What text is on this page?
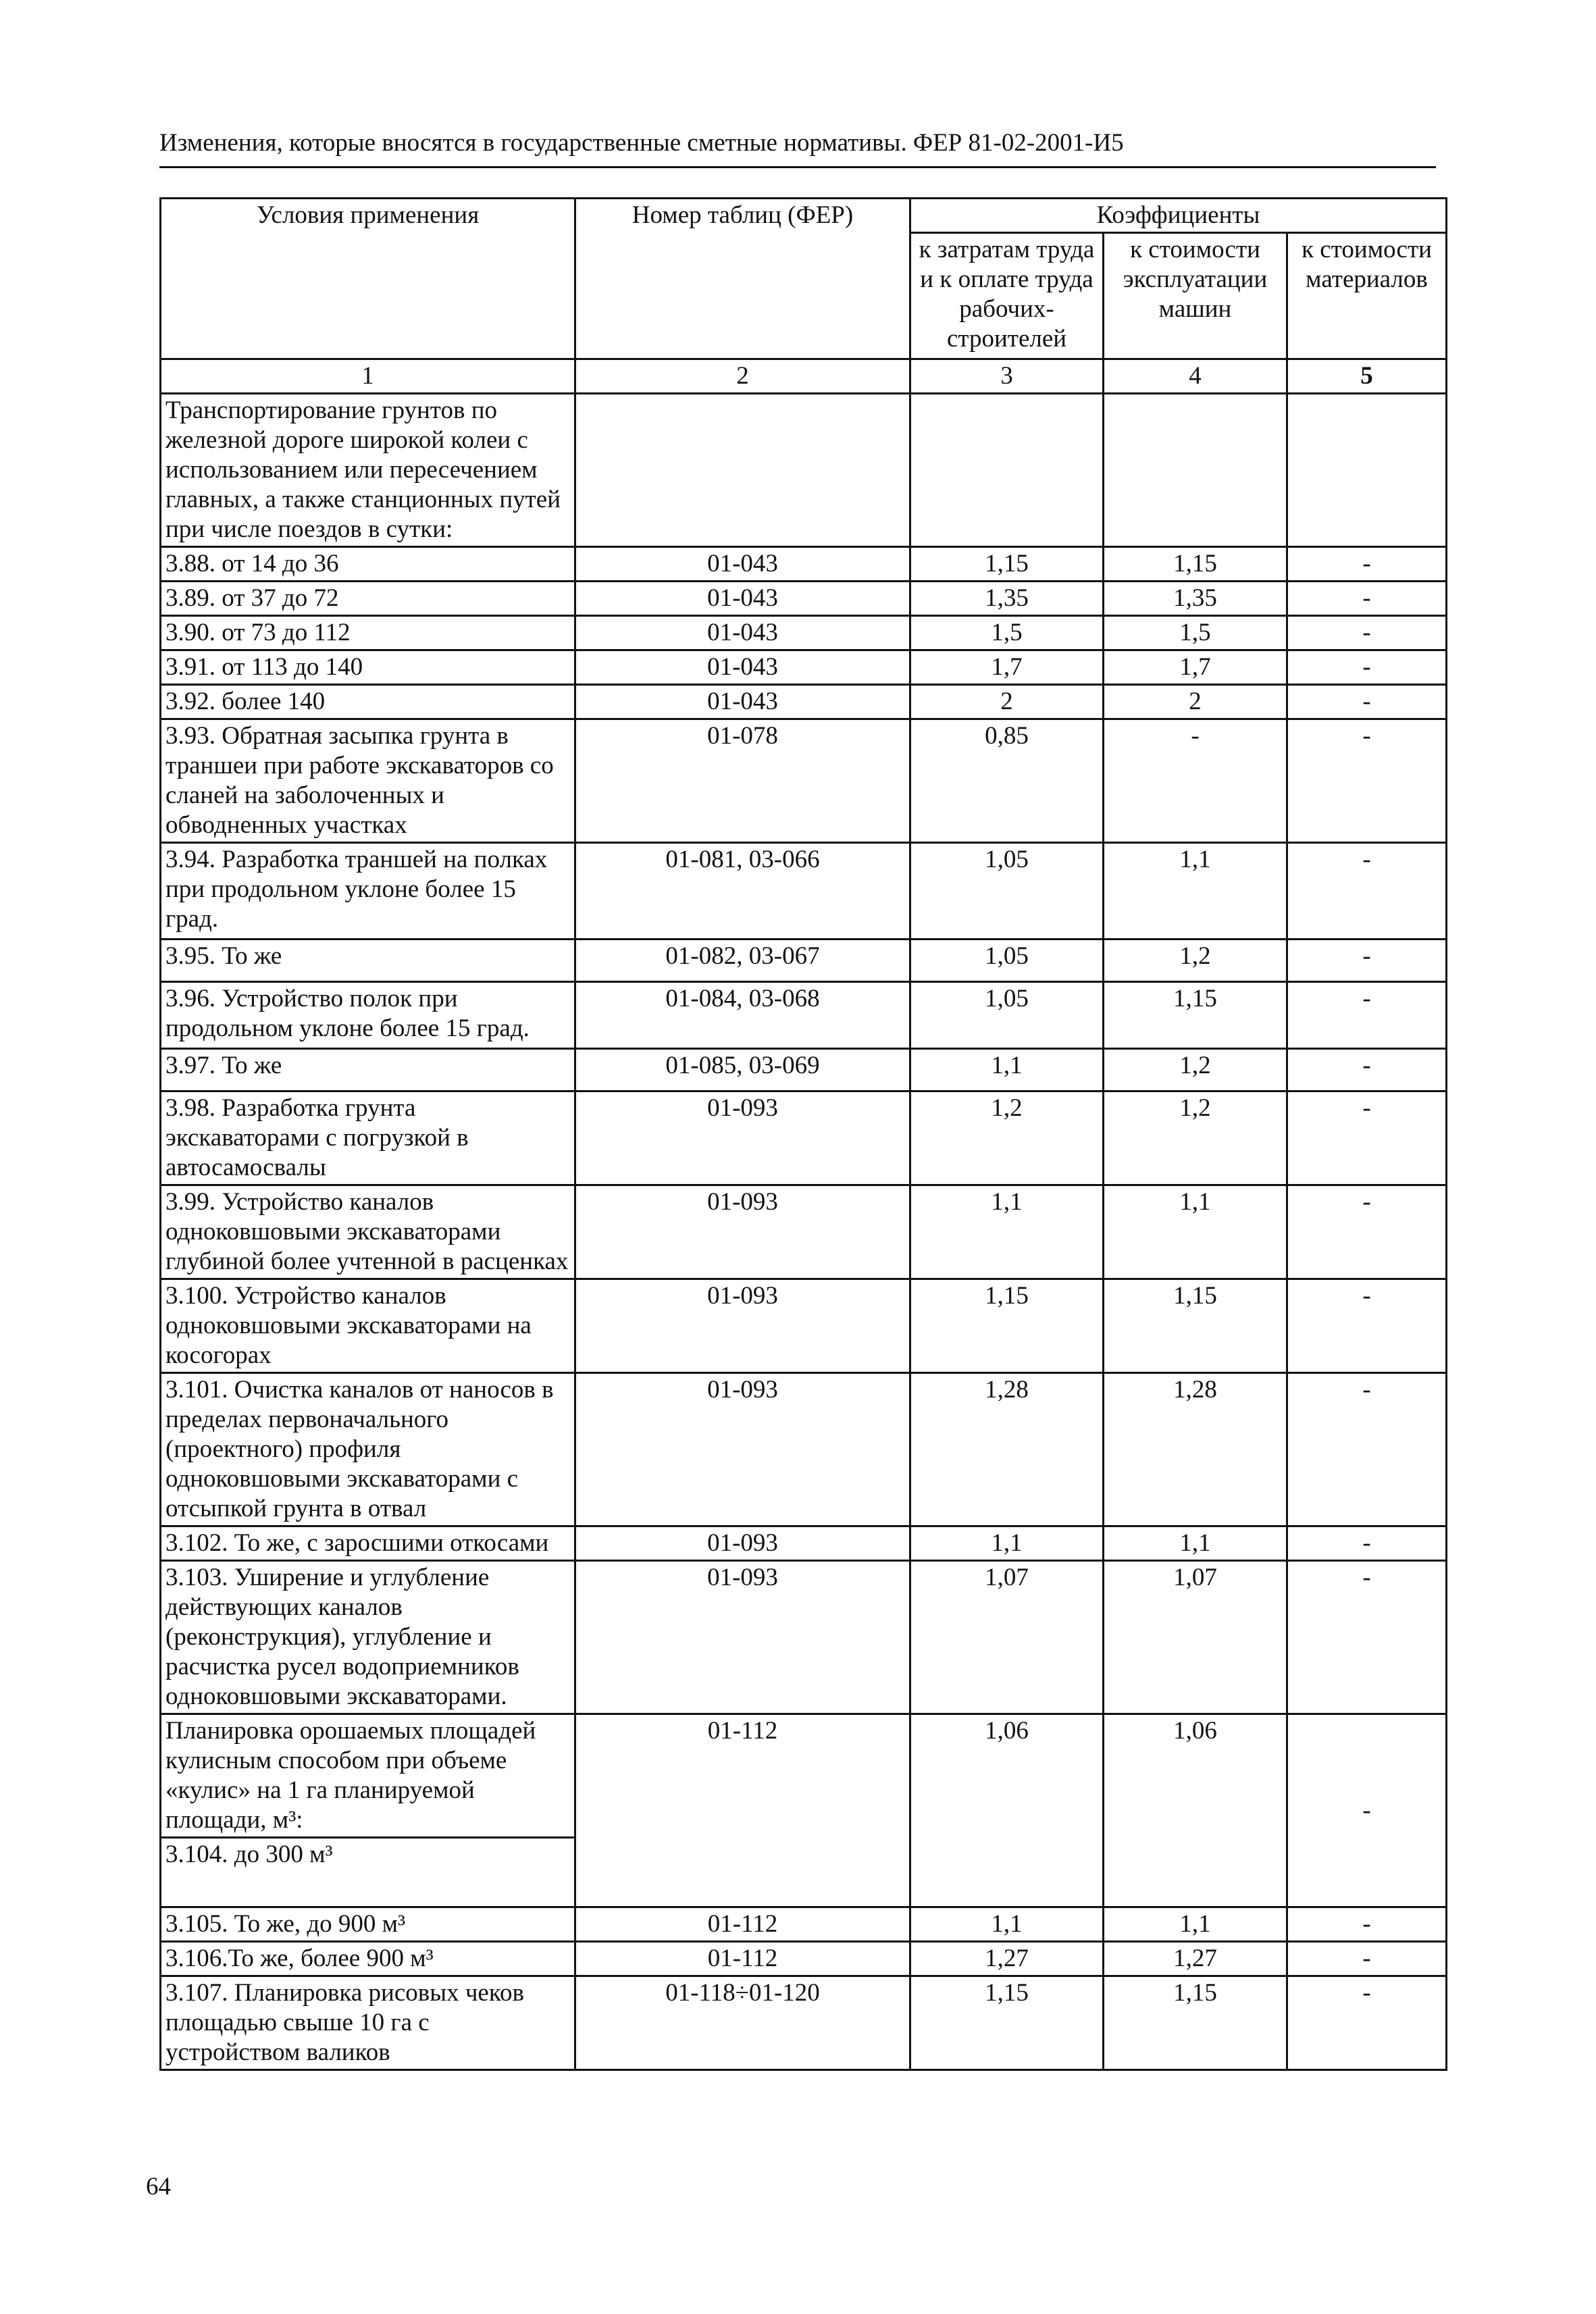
Изменения, которые вносятся в государственные сметные нормативы. ФЕР 81-02-2001-И5
Условия применения	Номер таблиц (ФЕР)	Коэффициенты		
		к затратам труда и к оплате труда рабочих-строителей	к стоимости эксплуатации машин	к стоимости материалов
1	2	3	4	5
Транспортирование грунтов по железной дороге широкой колеи с использованием или пересечением главных, а также станционных путей при числе поездов в сутки:				
3.88. от 14 до 36	01-043	1,15	1,15	-
3.89. от 37 до 72	01-043	1,35	1,35	-
3.90. от 73 до 112	01-043	1,5	1,5	-
3.91. от 113 до 140	01-043	1,7	1,7	-
3.92. более 140	01-043	2	2	-
3.93. Обратная засыпка грунта в траншеи при работе экскаваторов со сланей на заболоченных и обводненных участках	01-078	0,85	-	-
3.94. Разработка траншей на полках при продольном уклоне более 15 град.	01-081, 03-066	1,05	1,1	-
3.95. То же	01-082, 03-067	1,05	1,2	-
3.96. Устройство полок при продольном уклоне более 15 град.	01-084, 03-068	1,05	1,15	-
3.97. То же	01-085, 03-069	1,1	1,2	-
3.98. Разработка грунта экскаваторами с погрузкой в автосамосвалы	01-093	1,2	1,2	-
3.99. Устройство каналов одноковшовыми экскаваторами глубиной более учтенной в расценках	01-093	1,1	1,1	-
3.100. Устройство каналов одноковшовыми экскаваторами на косогорах	01-093	1,15	1,15	-
3.101. Очистка каналов от наносов в пределах первоначального (проектного) профиля одноковшовыми экскаваторами с отсыпкой грунта в отвал	01-093	1,28	1,28	-
3.102. То же, с заросшими откосами	01-093	1,1	1,1	-
3.103. Уширение и углубление действующих каналов (реконструкция), углубление и расчистка русел водоприемников одноковшовыми экскаваторами.	01-093	1,07	1,07	-
Планировка орошаемых площадей кулисным способом при объеме «кулис» на 1 га планируемой площади, м³:	01-112	1,06	1,06	-
3.104. до 300 м³				
3.105. То же, до 900 м³	01-112	1,1	1,1	-
3.106.То же, более 900 м³	01-112	1,27	1,27	-
3.107. Планировка рисовых чеков площадью свыше 10 га с устройством валиков	01-118÷01-120	1,15	1,15	-
64
